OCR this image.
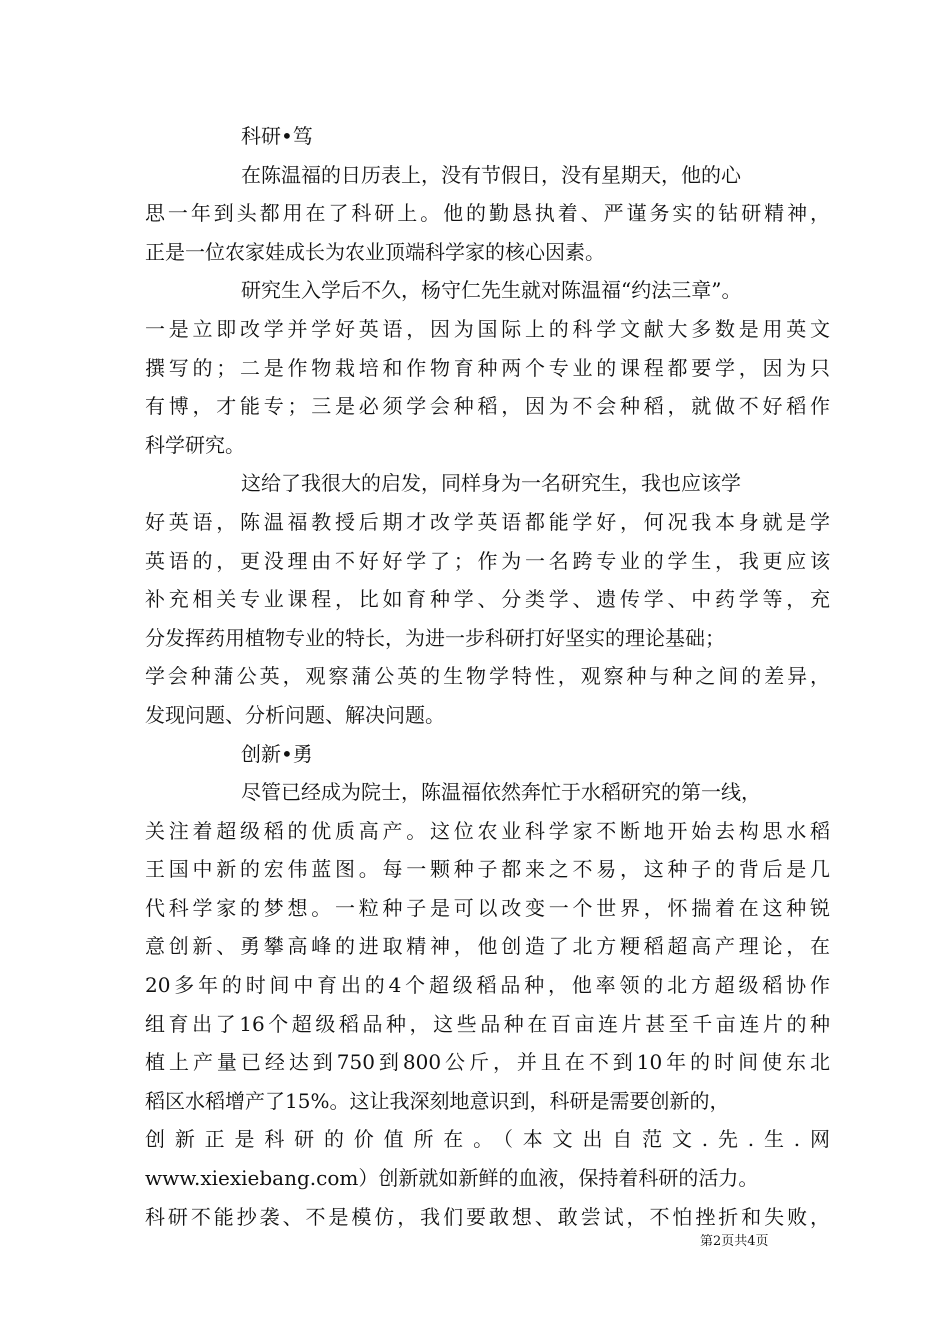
科研•笃
在陈温福的日历表上，没有节假日，没有星期天，他的心
思一年到头都用在了科研上。他的勤恳执着、严谨务实的钻研精神，
正是一位农家娃成长为农业顶端科学家的核心因素。
研究生入学后不久，杨守仁先生就对陈温福“约法三章”。
一是立即改学并学好英语，因为国际上的科学文献大多数是用英文
撰写的；二是作物栽培和作物育种两个专业的课程都要学，因为只
有博，才能专；三是必须学会种稻，因为不会种稻，就做不好稻作
科学研究。
这给了我很大的启发，同样身为一名研究生，我也应该学
好英语，陈温福教授后期才改学英语都能学好，何况我本身就是学
英语的，更没理由不好好学了；作为一名跨专业的学生，我更应该
补充相关专业课程，比如育种学、分类学、遗传学、中药学等，充
分发挥药用植物专业的特长，为进一步科研打好坚实的理论基础；
学会种蒲公英，观察蒲公英的生物学特性，观察种与种之间的差异，
发现问题、分析问题、解决问题。
创新•勇
尽管已经成为院士，陈温福依然奔忙于水稻研究的第一线，
关注着超级稻的优质高产。这位农业科学家不断地开始去构思水稻
王国中新的宏伟蓝图。每一颗种子都来之不易，这种子的背后是几
代科学家的梦想。一粒种子是可以改变一个世界，怀揣着在这种锐
意创新、勇攀高峰的进取精神，他创造了北方粳稻超高产理论，在
20多年的时间中育出的4个超级稻品种，他率领的北方超级稻协作
组育出了16个超级稻品种，这些品种在百亩连片甚至千亩连片的种
植上产量已经达到750到800公斤，并且在不到10年的时间使东北
稻区水稻增产了15%。这让我深刻地意识到，科研是需要创新的，
创新正是科研的价值所在。（本文出自范文.先.生.网
www.xiexiebang.com）创新就如新鲜的血液，保持着科研的活力。
科研不能抄袭、不是模仿，我们要敢想、敢尝试，不怕挫折和失败，
第2页共4页
